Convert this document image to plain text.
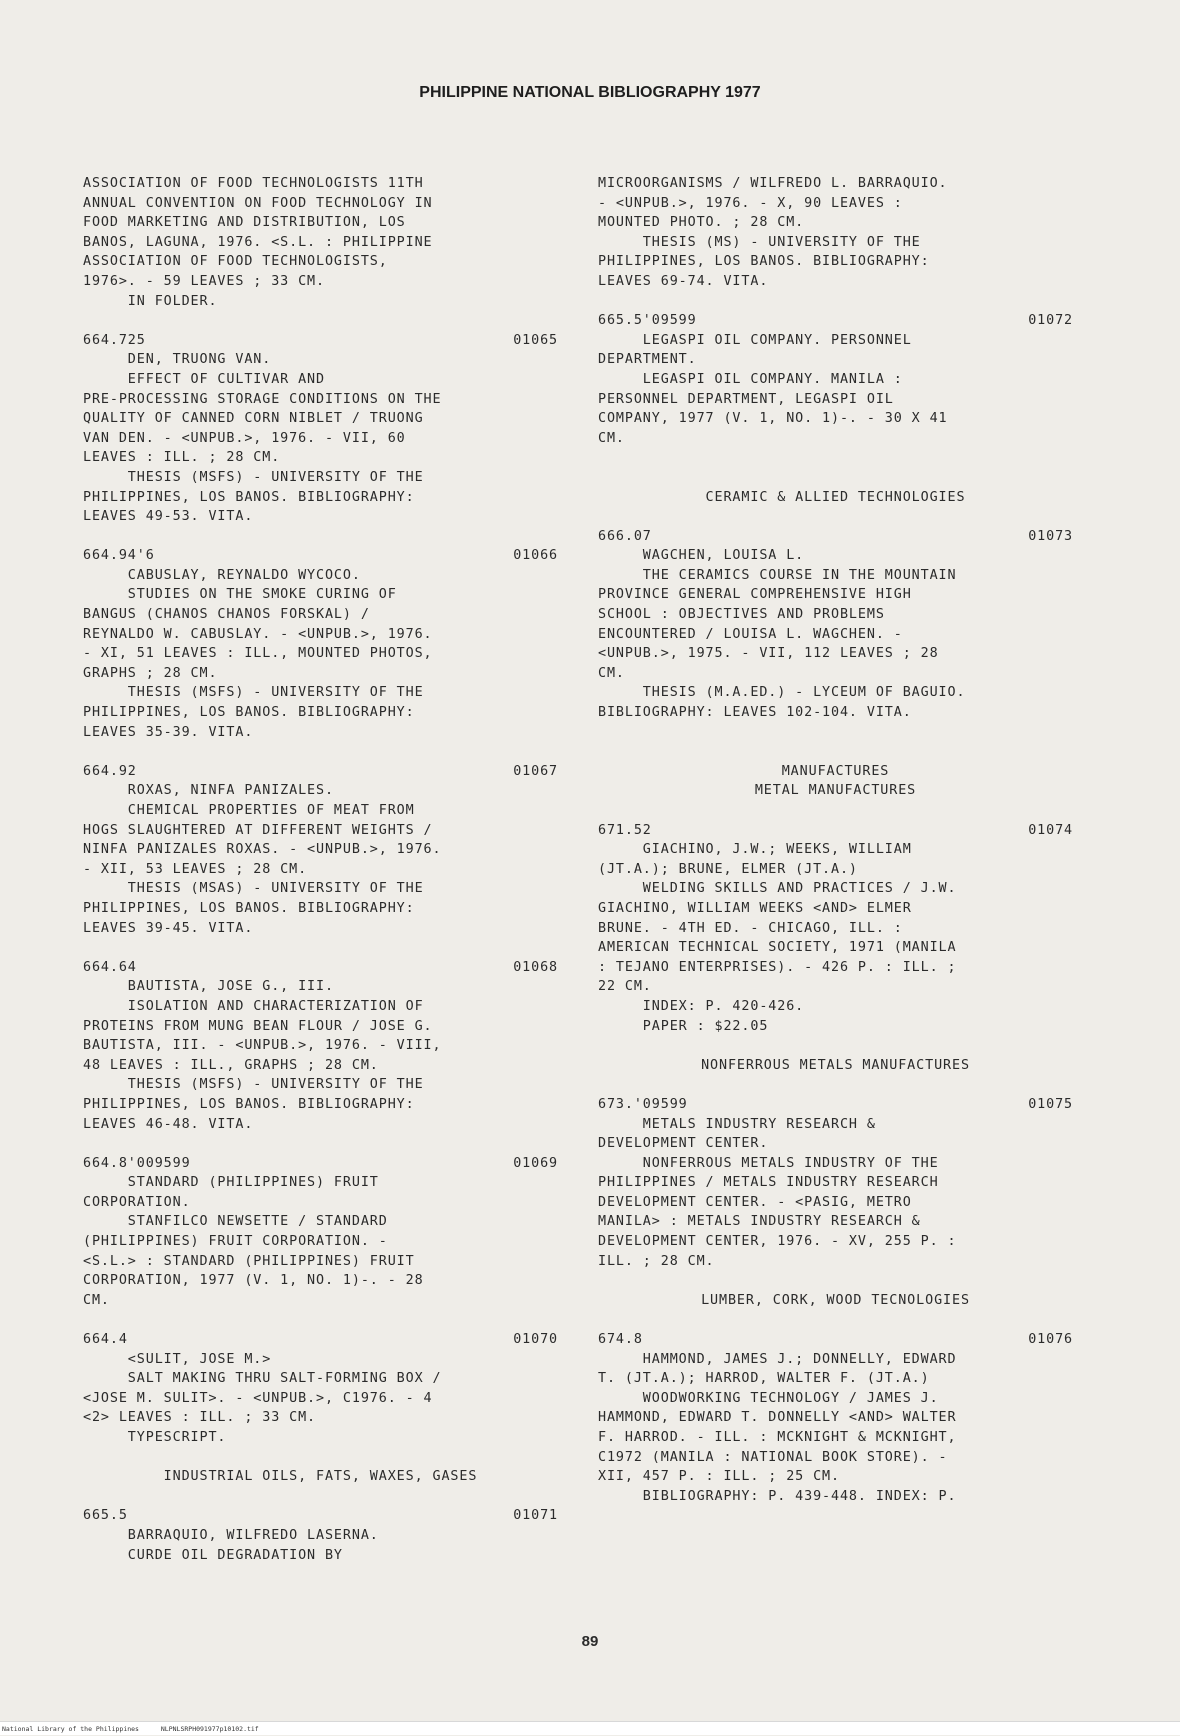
PHILIPPINE NATIONAL BIBLIOGRAPHY 1977
ASSOCIATION OF FOOD TECHNOLOGISTS 11TH
ANNUAL CONVENTION ON FOOD TECHNOLOGY IN
FOOD MARKETING AND DISTRIBUTION, LOS
BANOS, LAGUNA, 1976. <S.L. : PHILIPPINE
ASSOCIATION OF FOOD TECHNOLOGISTS,
1976>. - 59 LEAVES ; 33 CM.
IN FOLDER.
664.725	01065
DEN, TRUONG VAN.
EFFECT OF CULTIVAR AND
PRE-PROCESSING STORAGE CONDITIONS ON THE
QUALITY OF CANNED CORN NIBLET / TRUONG
VAN DEN. - <UNPUB.>, 1976. - VII, 60
LEAVES : ILL. ; 28 CM.
THESIS (MSFS) - UNIVERSITY OF THE
PHILIPPINES, LOS BANOS. BIBLIOGRAPHY:
LEAVES 49-53. VITA.
664.94'6	01066
CABUSLAY, REYNALDO WYCOCO.
STUDIES ON THE SMOKE CURING OF
BANGUS (CHANOS CHANOS FORSKAL) /
REYNALDO W. CABUSLAY. - <UNPUB.>, 1976.
- XI, 51 LEAVES : ILL., MOUNTED PHOTOS,
GRAPHS ; 28 CM.
THESIS (MSFS) - UNIVERSITY OF THE
PHILIPPINES, LOS BANOS. BIBLIOGRAPHY:
LEAVES 35-39. VITA.
664.92	01067
ROXAS, NINFA PANIZALES.
CHEMICAL PROPERTIES OF MEAT FROM
HOGS SLAUGHTERED AT DIFFERENT WEIGHTS /
NINFA PANIZALES ROXAS. - <UNPUB.>, 1976.
- XII, 53 LEAVES ; 28 CM.
THESIS (MSAS) - UNIVERSITY OF THE
PHILIPPINES, LOS BANOS. BIBLIOGRAPHY:
LEAVES 39-45. VITA.
664.64	01068
BAUTISTA, JOSE G., III.
ISOLATION AND CHARACTERIZATION OF
PROTEINS FROM MUNG BEAN FLOUR / JOSE G.
BAUTISTA, III. - <UNPUB.>, 1976. - VIII,
48 LEAVES : ILL., GRAPHS ; 28 CM.
THESIS (MSFS) - UNIVERSITY OF THE
PHILIPPINES, LOS BANOS. BIBLIOGRAPHY:
LEAVES 46-48. VITA.
664.8'009599	01069
STANDARD (PHILIPPINES) FRUIT
CORPORATION.
STANFILCO NEWSETTE / STANDARD
(PHILIPPINES) FRUIT CORPORATION. -
<S.L.> : STANDARD (PHILIPPINES) FRUIT
CORPORATION, 1977 (V. 1, NO. 1)-. - 28
CM.
664.4	01070
<SULIT, JOSE M.>
SALT MAKING THRU SALT-FORMING BOX /
<JOSE M. SULIT>. - <UNPUB.>, C1976. - 4
<2> LEAVES : ILL. ; 33 CM.
TYPESCRIPT.
INDUSTRIAL OILS, FATS, WAXES, GASES
665.5	01071
BARRAQUIO, WILFREDO LASERNA.
CURDE OIL DEGRADATION BY
MICROORGANISMS / WILFREDO L. BARRAQUIO.
- <UNPUB.>, 1976. - X, 90 LEAVES :
MOUNTED PHOTO. ; 28 CM.
THESIS (MS) - UNIVERSITY OF THE
PHILIPPINES, LOS BANOS. BIBLIOGRAPHY:
LEAVES 69-74. VITA.
665.5'09599	01072
LEGASPI OIL COMPANY. PERSONNEL
DEPARTMENT.
LEGASPI OIL COMPANY. MANILA :
PERSONNEL DEPARTMENT, LEGASPI OIL
COMPANY, 1977 (V. 1, NO. 1)-. - 30 X 41
CM.
CERAMIC & ALLIED TECHNOLOGIES
666.07	01073
WAGCHEN, LOUISA L.
THE CERAMICS COURSE IN THE MOUNTAIN
PROVINCE GENERAL COMPREHENSIVE HIGH
SCHOOL : OBJECTIVES AND PROBLEMS
ENCOUNTERED / LOUISA L. WAGCHEN. -
<UNPUB.>, 1975. - VII, 112 LEAVES ; 28
CM.
THESIS (M.A.ED.) - LYCEUM OF BAGUIO.
BIBLIOGRAPHY: LEAVES 102-104. VITA.
MANUFACTURES
METAL MANUFACTURES
671.52	01074
GIACHINO, J.W.; WEEKS, WILLIAM
(JT.A.); BRUNE, ELMER (JT.A.)
WELDING SKILLS AND PRACTICES / J.W.
GIACHINO, WILLIAM WEEKS <AND> ELMER
BRUNE. - 4TH ED. - CHICAGO, ILL. :
AMERICAN TECHNICAL SOCIETY, 1971 (MANILA
: TEJANO ENTERPRISES). - 426 P. : ILL. ;
22 CM.
INDEX: P. 420-426.
PAPER : $22.05
NONFERROUS METALS MANUFACTURES
673.'09599	01075
METALS INDUSTRY RESEARCH &
DEVELOPMENT CENTER.
NONFERROUS METALS INDUSTRY OF THE
PHILIPPINES / METALS INDUSTRY RESEARCH
DEVELOPMENT CENTER. - <PASIG, METRO
MANILA> : METALS INDUSTRY RESEARCH &
DEVELOPMENT CENTER, 1976. - XV, 255 P. :
ILL. ; 28 CM.
LUMBER, CORK, WOOD TECNOLOGIES
674.8	01076
HAMMOND, JAMES J.; DONNELLY, EDWARD
T. (JT.A.); HARROD, WALTER F. (JT.A.)
WOODWORKING TECHNOLOGY / JAMES J.
HAMMOND, EDWARD T. DONNELLY <AND> WALTER
F. HARROD. - ILL. : MCKNIGHT & MCKNIGHT,
C1972 (MANILA : NATIONAL BOOK STORE). -
XII, 457 P. : ILL. ; 25 CM.
BIBLIOGRAPHY: P. 439-448. INDEX: P.
89
National Library of the Philippines	NLPNLSRPH091977p10102.tif
